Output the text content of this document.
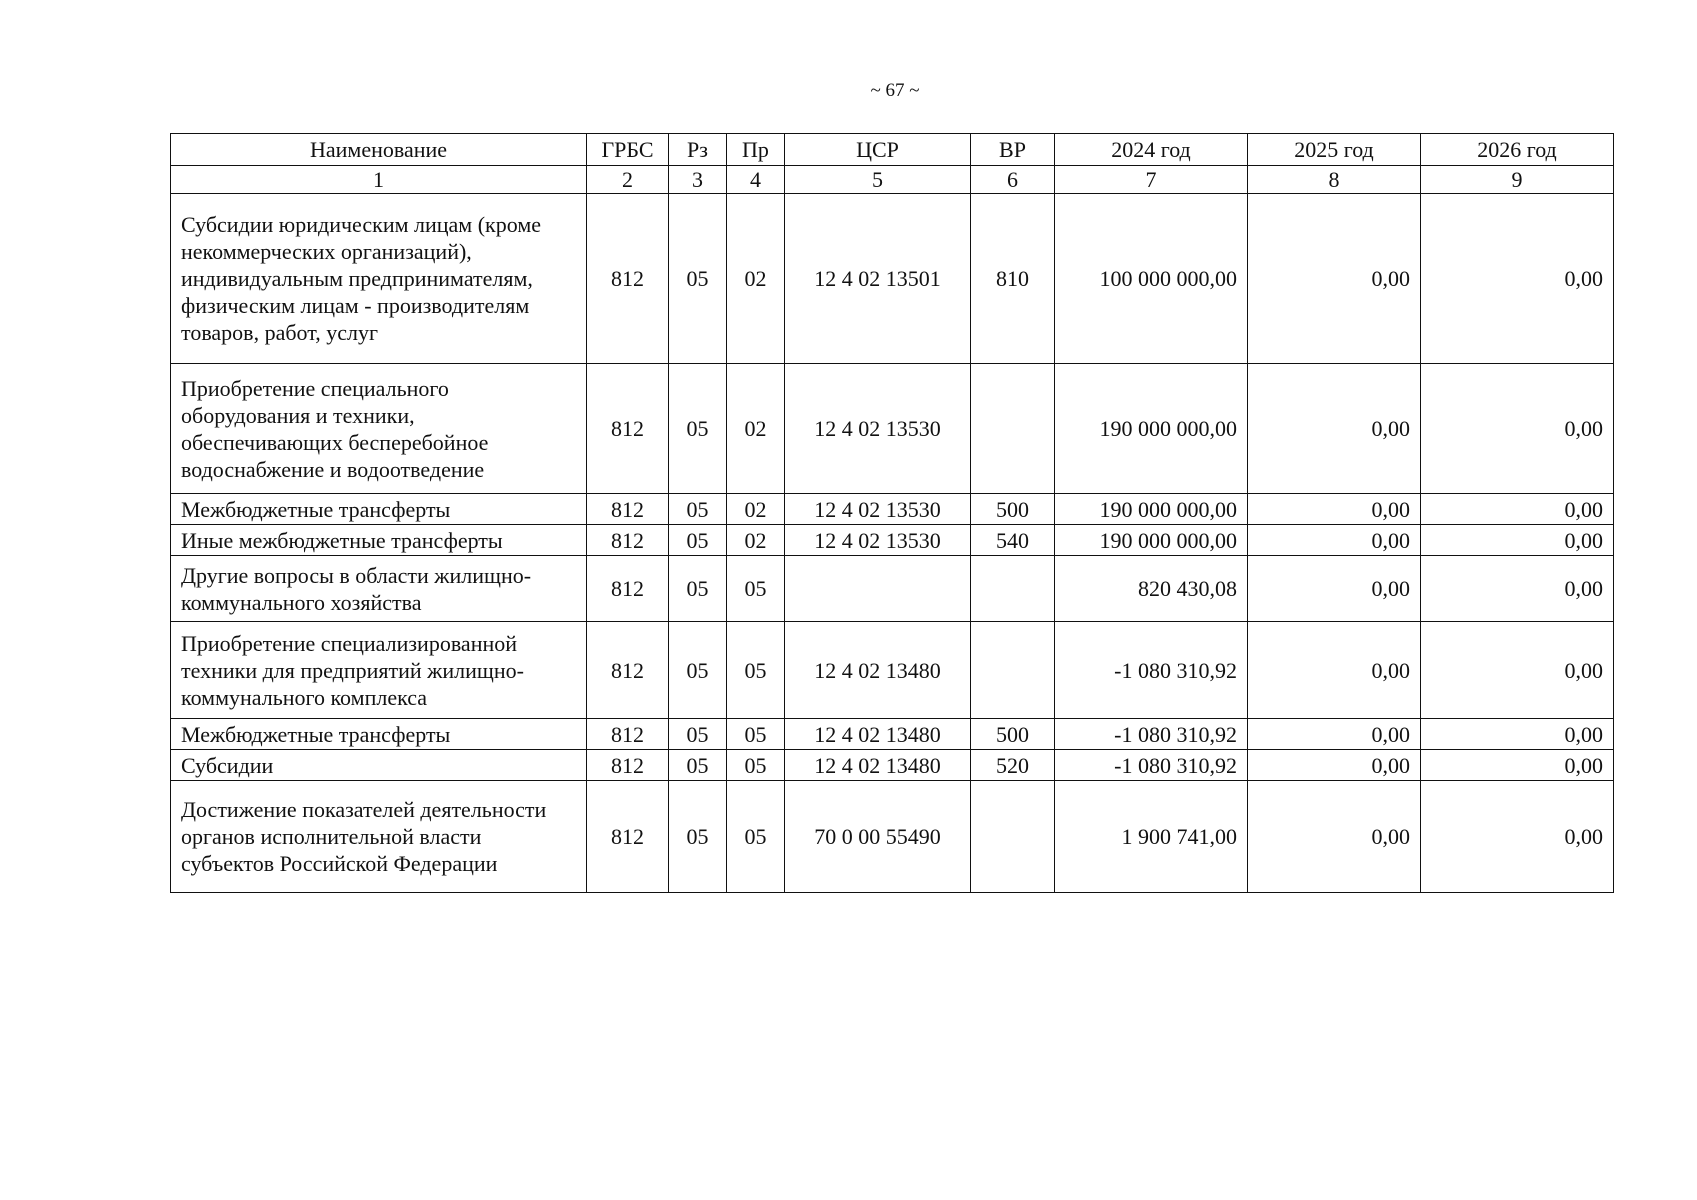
~ 67 ~
Наименование	ГРБС	Рз	Пр	ЦСР	ВР	2024 год	2025 год	2026 год
1	2	3	4	5	6	7	8	9
Субсидии юридическим лицам (кроме некоммерческих организаций), индивидуальным предпринимателям, физическим лицам - производителям товаров, работ, услуг	812	05	02	12 4 02 13501	810	100 000 000,00	0,00	0,00
Приобретение специального оборудования и техники, обеспечивающих бесперебойное водоснабжение и водоотведение	812	05	02	12 4 02 13530		190 000 000,00	0,00	0,00
Межбюджетные трансферты	812	05	02	12 4 02 13530	500	190 000 000,00	0,00	0,00
Иные межбюджетные трансферты	812	05	02	12 4 02 13530	540	190 000 000,00	0,00	0,00
Другие вопросы в области жилищно-коммунального хозяйства	812	05	05			820 430,08	0,00	0,00
Приобретение специализированной техники для предприятий жилищно-коммунального комплекса	812	05	05	12 4 02 13480		-1 080 310,92	0,00	0,00
Межбюджетные трансферты	812	05	05	12 4 02 13480	500	-1 080 310,92	0,00	0,00
Субсидии	812	05	05	12 4 02 13480	520	-1 080 310,92	0,00	0,00
Достижение показателей деятельности органов исполнительной власти субъектов Российской Федерации	812	05	05	70 0 00 55490		1 900 741,00	0,00	0,00
